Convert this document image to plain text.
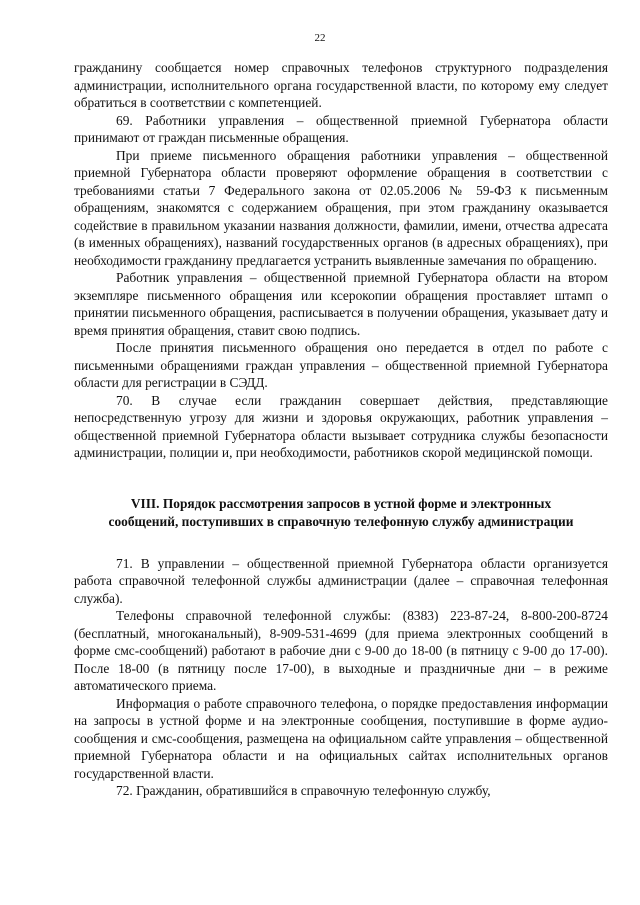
22

гражданину сообщается номер справочных телефонов структурного подразделения администрации, исполнительного органа государственной власти, по которому ему следует обратиться в соответствии с компетенцией.

69. Работники управления – общественной приемной Губернатора области принимают от граждан письменные обращения.

При приеме письменного обращения работники управления – общественной приемной Губернатора области проверяют оформление обращения в соответствии с требованиями статьи 7 Федерального закона от 02.05.2006 № 59-ФЗ к письменным обращениям, знакомятся с содержанием обращения, при этом гражданину оказывается содействие в правильном указании названия должности, фамилии, имени, отчества адресата (в именных обращениях), названий государственных органов (в адресных обращениях), при необходимости гражданину предлагается устранить выявленные замечания по обращению.

Работник управления – общественной приемной Губернатора области на втором экземпляре письменного обращения или ксерокопии обращения проставляет штамп о принятии письменного обращения, расписывается в получении обращения, указывает дату и время принятия обращения, ставит свою подпись.

После принятия письменного обращения оно передается в отдел по работе с письменными обращениями граждан управления – общественной приемной Губернатора области для регистрации в СЭДД.

70. В случае если гражданин совершает действия, представляющие непосредственную угрозу для жизни и здоровья окружающих, работник управления – общественной приемной Губернатора области вызывает сотрудника службы безопасности администрации, полиции и, при необходимости, работников скорой медицинской помощи.

VIII. Порядок рассмотрения запросов в устной форме и электронных
сообщений, поступивших в справочную телефонную службу администрации

71. В управлении – общественной приемной Губернатора области организуется работа справочной телефонной службы администрации (далее – справочная телефонная служба).

Телефоны справочной телефонной службы: (8383) 223-87-24, 8-800-200-8724 (бесплатный, многоканальный), 8-909-531-4699 (для приема электронных сообщений в форме смс-сообщений) работают в рабочие дни с 9-00 до 18-00 (в пятницу с 9-00 до 17-00). После 18-00 (в пятницу после 17-00), в выходные и праздничные дни – в режиме автоматического приема.

Информация о работе справочного телефона, о порядке предоставления информации на запросы в устной форме и на электронные сообщения, поступившие в форме аудио-сообщения и смс-сообщения, размещена на официальном сайте управления – общественной приемной Губернатора области и на официальных сайтах исполнительных органов государственной власти.

72. Гражданин, обратившийся в справочную телефонную службу,
